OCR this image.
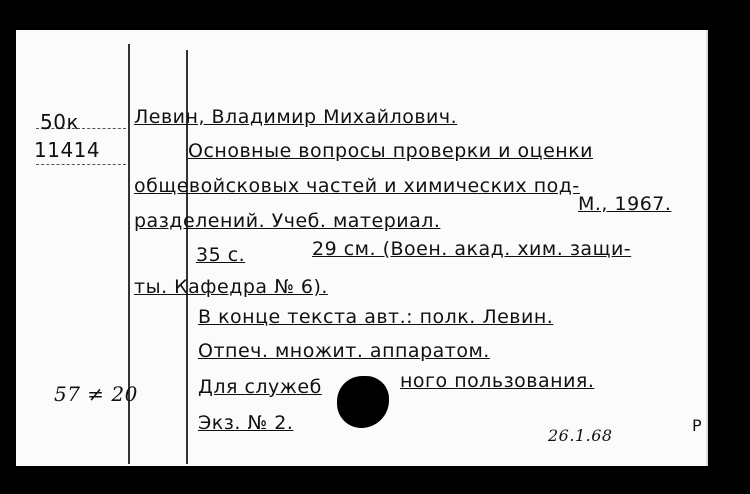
50к
11414
57 ≠ 20
Левин, Владимир Михайлович.
Основные вопросы проверки и оценки
общевойсковых частей и химических под-
разделений. Учеб. материал.
М., 1967.
35 с.	29 см. (Воен. акад. хим. защи-
ты. Кафедра № 6).
В конце текста авт.: полк. Левин.
Отпеч. множит. аппаратом.
Для служеб	ного пользования.
Экз. № 2.
26.1.68
Р
